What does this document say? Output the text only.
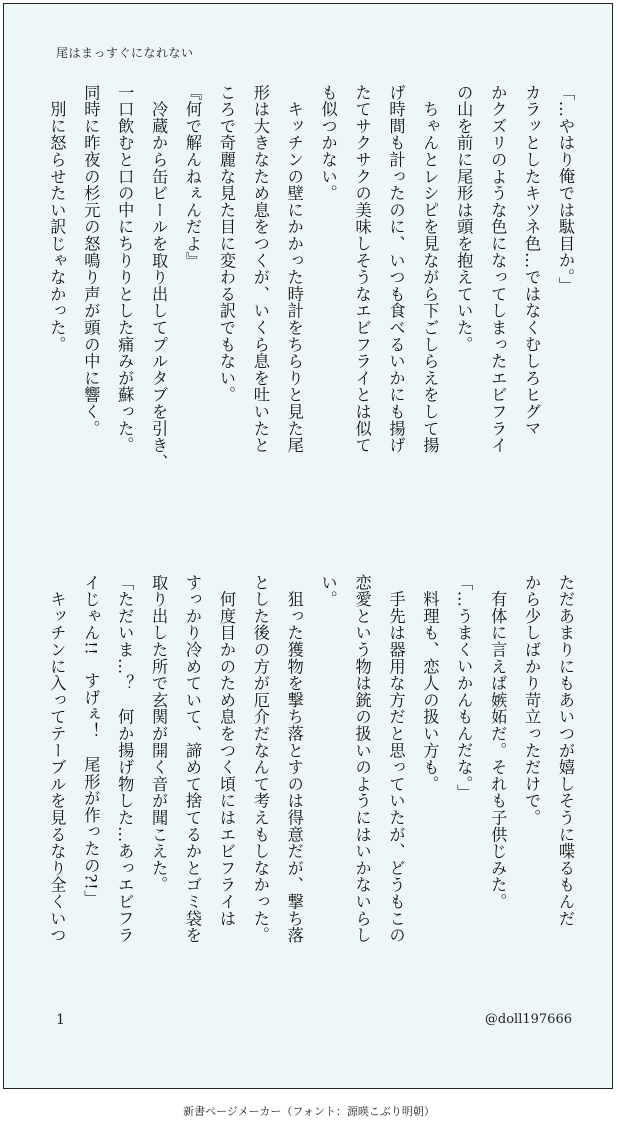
尾はまっすぐになれない

「…やはり俺では駄目か。」

カラッとしたキツネ色…ではなくむしろヒグマ

かクズリのような色になってしまったエビフライ

の山を前に尾形は頭を抱えていた。

　ちゃんとレシピを見ながら下ごしらえをして揚

げ時間も計ったのに、いつも食べるいかにも揚げ

たてサクサクの美味しそうなエビフライとは似て

も似つかない。

　キッチンの壁にかかった時計をちらりと見た尾

形は大きなため息をつくが、いくら息を吐いたと

ころで奇麗な見た目に変わる訳でもない。

『何で解んねぇんだよ』

　冷蔵から缶ビールを取り出してプルタブを引き、

一口飲むと口の中にちりりとした痛みが蘇った。

同時に昨夜の杉元の怒鳴り声が頭の中に響く。

　別に怒らせたい訳じゃなかった。

ただあまりにもあいつが嬉しそうに喋るもんだ

から少しばかり苛立っただけで。

　有体に言えば嫉妬だ。それも子供じみた。

「…うまくいかんもんだな。」

　料理も、恋人の扱い方も。

　手先は器用な方だと思っていたが、どうもこの

恋愛という物は銃の扱いのようにはいかないらし

い。

　狙った獲物を撃ち落とすのは得意だが、撃ち落

とした後の方が厄介だなんて考えもしなかった。

　何度目かのため息をつく頃にはエビフライは

すっかり冷めていて、諦めて捨てるかとゴミ袋を

取り出した所で玄関が開く音が聞こえた。

「ただいま…？　何か揚げ物した…あっエビフラ

イじゃん!!　すげぇ！　尾形が作ったの?!」

　キッチンに入ってテーブルを見るなり全くいつ

1	@doll197666
新書ページメーカー（フォント：源暎こぶり明朝）
